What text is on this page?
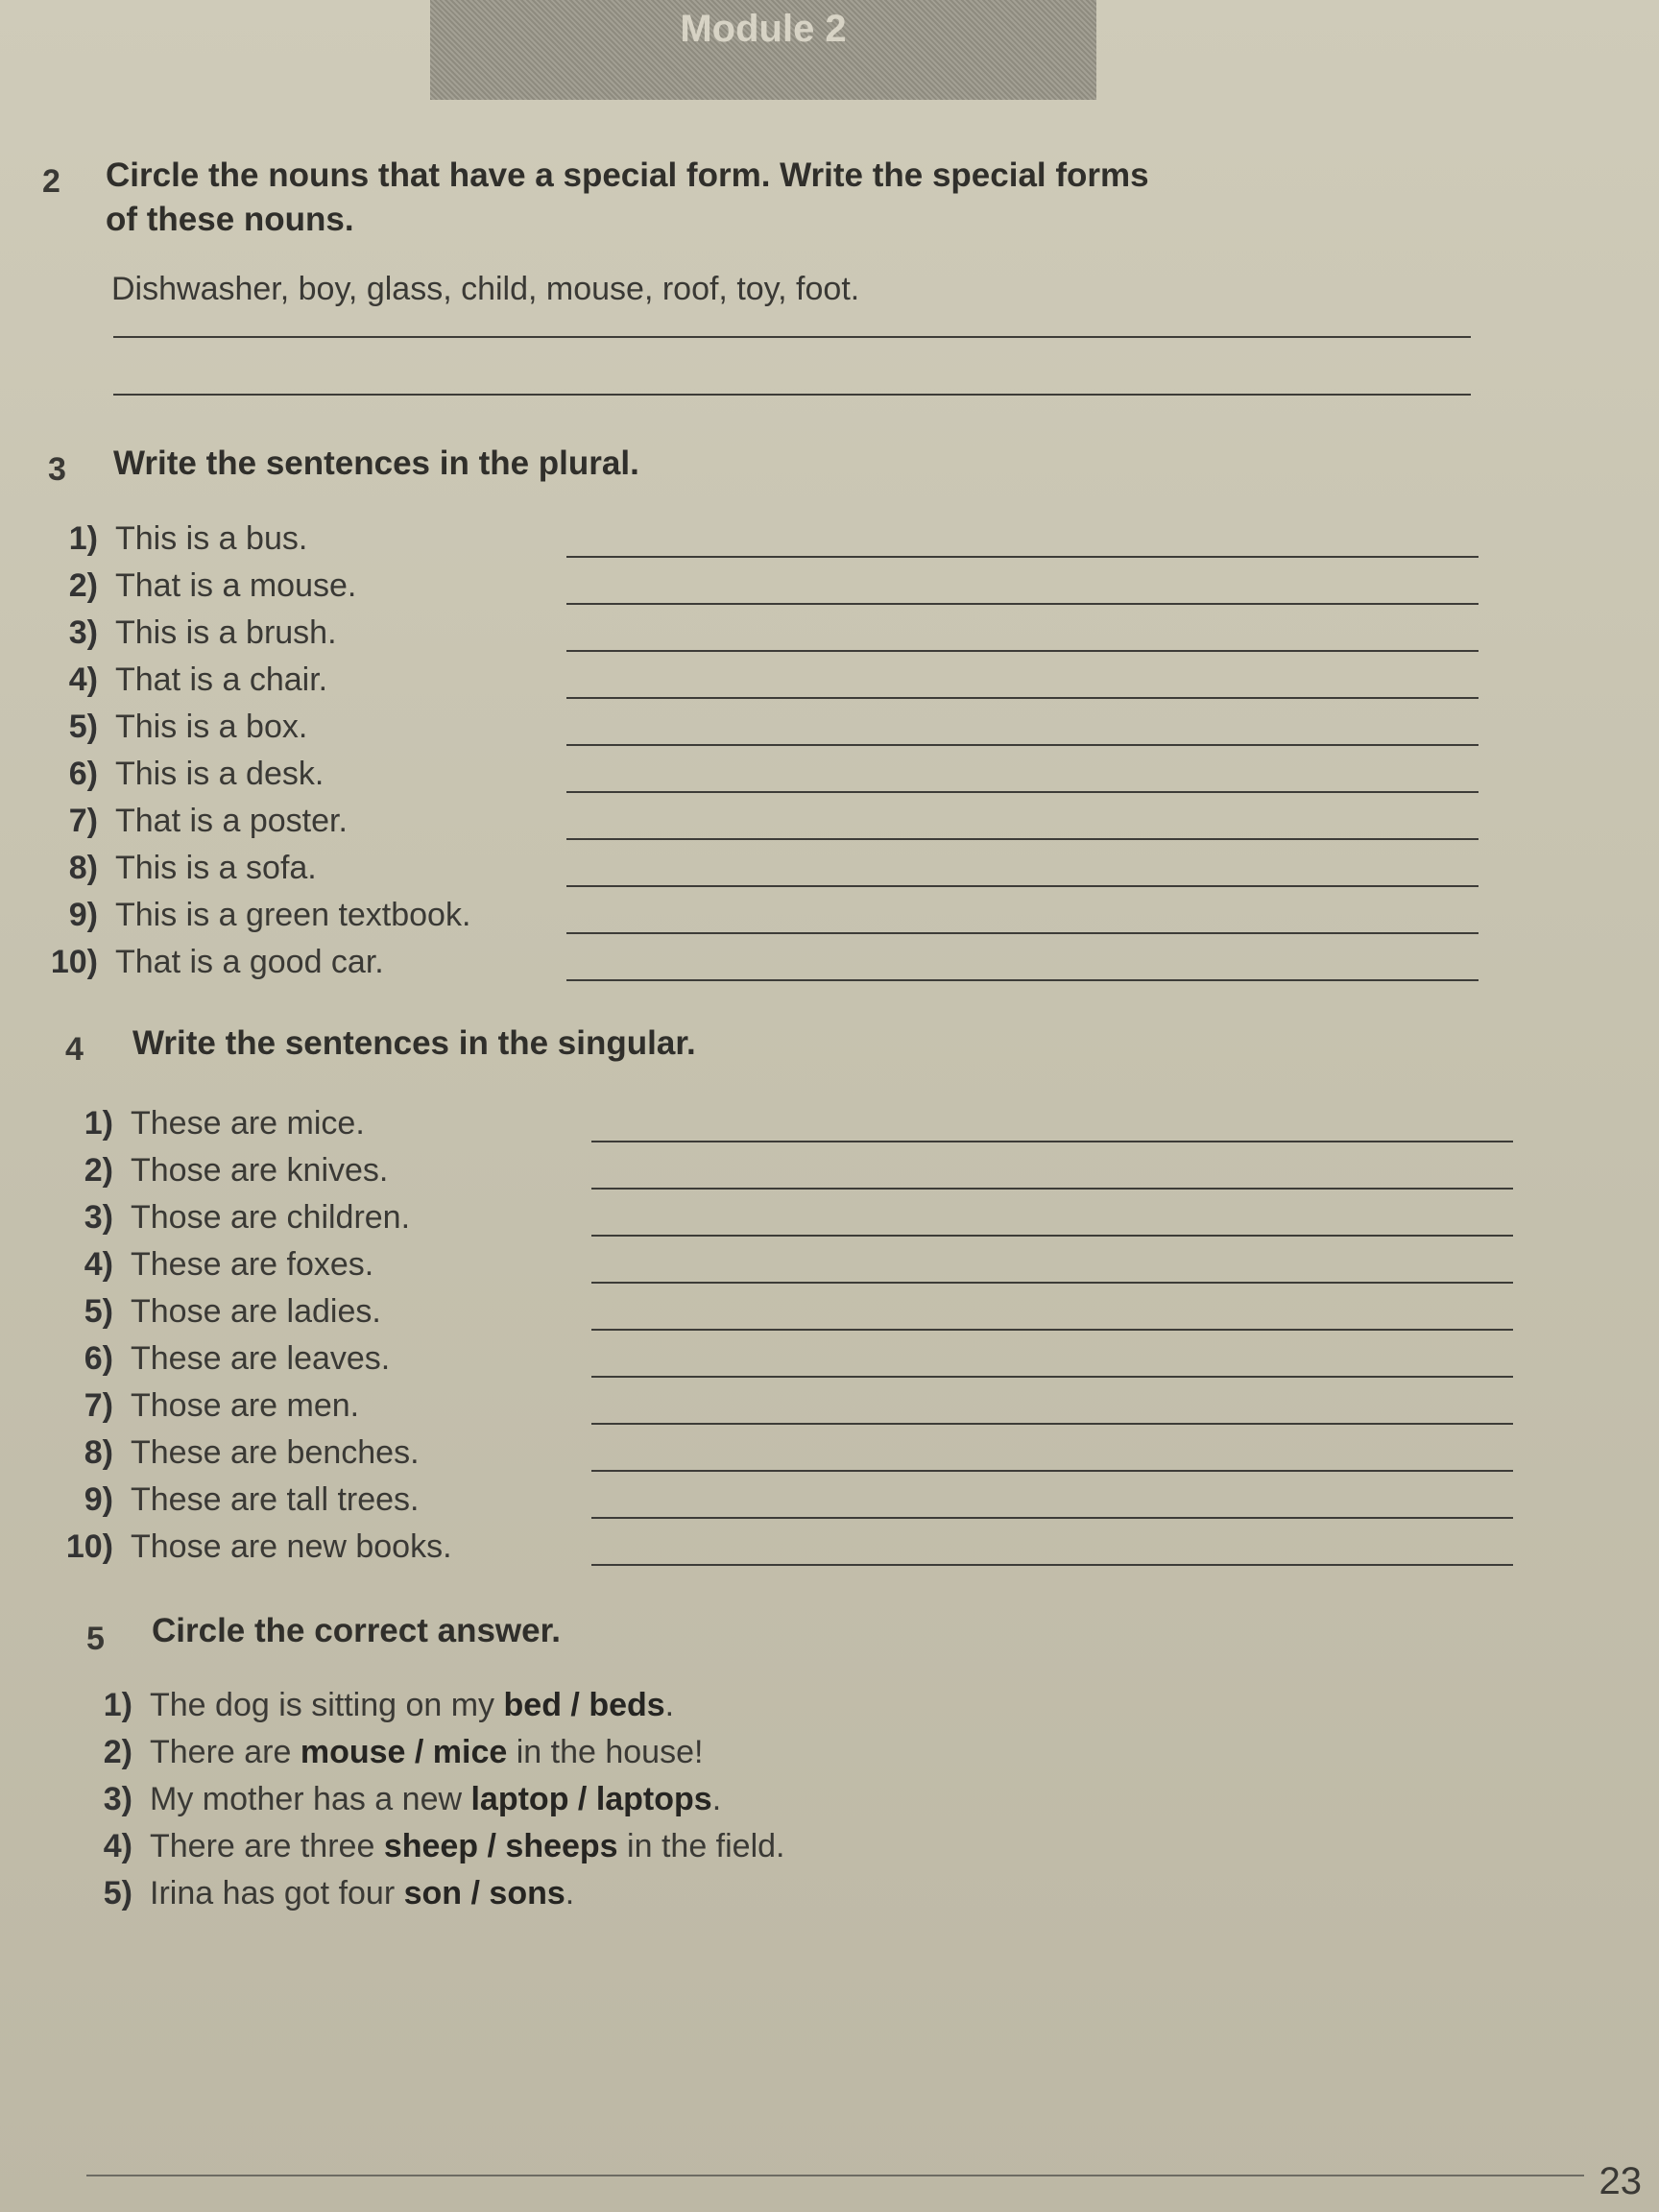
Module 2
2 Circle the nouns that have a special form. Write the special forms
of these nouns.
Dishwasher, boy, glass, child, mouse, roof, toy, foot.
3 Write the sentences in the plural.
1) This is a bus.
2) That is a mouse.
3) This is a brush.
4) That is a chair.
5) This is a box.
6) This is a desk.
7) That is a poster.
8) This is a sofa.
9) This is a green textbook.
10) That is a good car.
4 Write the sentences in the singular.
1) These are mice.
2) Those are knives.
3) Those are children.
4) These are foxes.
5) Those are ladies.
6) These are leaves.
7) Those are men.
8) These are benches.
9) These are tall trees.
10) Those are new books.
5 Circle the correct answer.
1) The dog is sitting on my bed / beds.
2) There are mouse / mice in the house!
3) My mother has a new laptop / laptops.
4) There are three sheep / sheeps in the field.
5) Irina has got four son / sons.
23
